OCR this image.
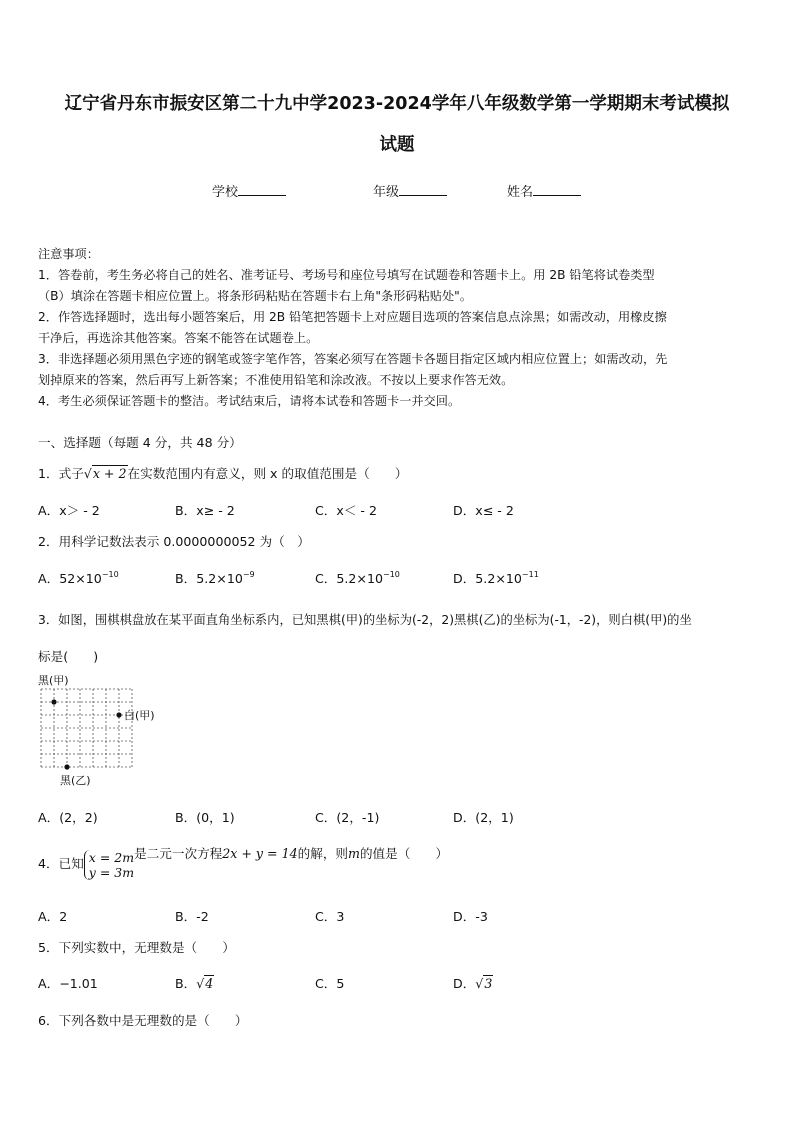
辽宁省丹东市振安区第二十九中学2023-2024学年八年级数学第一学期期末考试模拟
试题
学校	年级	姓名
注意事项：
1．答卷前，考生务必将自己的姓名、准考证号、考场号和座位号填写在试题卷和答题卡上。用 2B 铅笔将试卷类型
（B）填涂在答题卡相应位置上。将条形码粘贴在答题卡右上角"条形码粘贴处"。
2．作答选择题时，选出每小题答案后，用 2B 铅笔把答题卡上对应题目选项的答案信息点涂黑；如需改动，用橡皮擦
干净后，再选涂其他答案。答案不能答在试题卷上。
3．非选择题必须用黑色字迹的钢笔或签字笔作答，答案必须写在答题卡各题目指定区域内相应位置上；如需改动，先
划掉原来的答案，然后再写上新答案；不准使用铅笔和涂改液。不按以上要求作答无效。
4．考生必须保证答题卡的整洁。考试结束后，请将本试卷和答题卡一并交回。
一、选择题（每题 4 分，共 48 分）
1．式子√x + 2在实数范围内有意义，则 x 的取值范围是（　　）
A．x＞ - 2	B．x≥ - 2	C．x＜ - 2	D．x≤ - 2
2．用科学记数法表示 0.0000000052 为（　）
A．$52\times 10^{-10}$	B．$5.2\times 10^{-9}$	C．$5.2\times 10^{-10}$	D．$5.2\times 10^{-11}$
3．如图，围棋棋盘放在某平面直角坐标系内，已知黑棋(甲)的坐标为(-2，2)黑棋(乙)的坐标为(-1，-2)，则白棋(甲)的坐
标是(　　)
黑(甲)
白(甲)
黑(乙)
A．(2，2)	B．(0，1)	C．(2，-1)	D．(2，1)
4．已知 x = 2m
y = 3m是二元一次方程2x + y = 14的解，则m的值是（　　）
A．2	B．-2	C．3	D．-3
5．下列实数中，无理数是（　　）
A．−1.01	B．√4	C．5	D．√3
6．下列各数中是无理数的是（　　）
